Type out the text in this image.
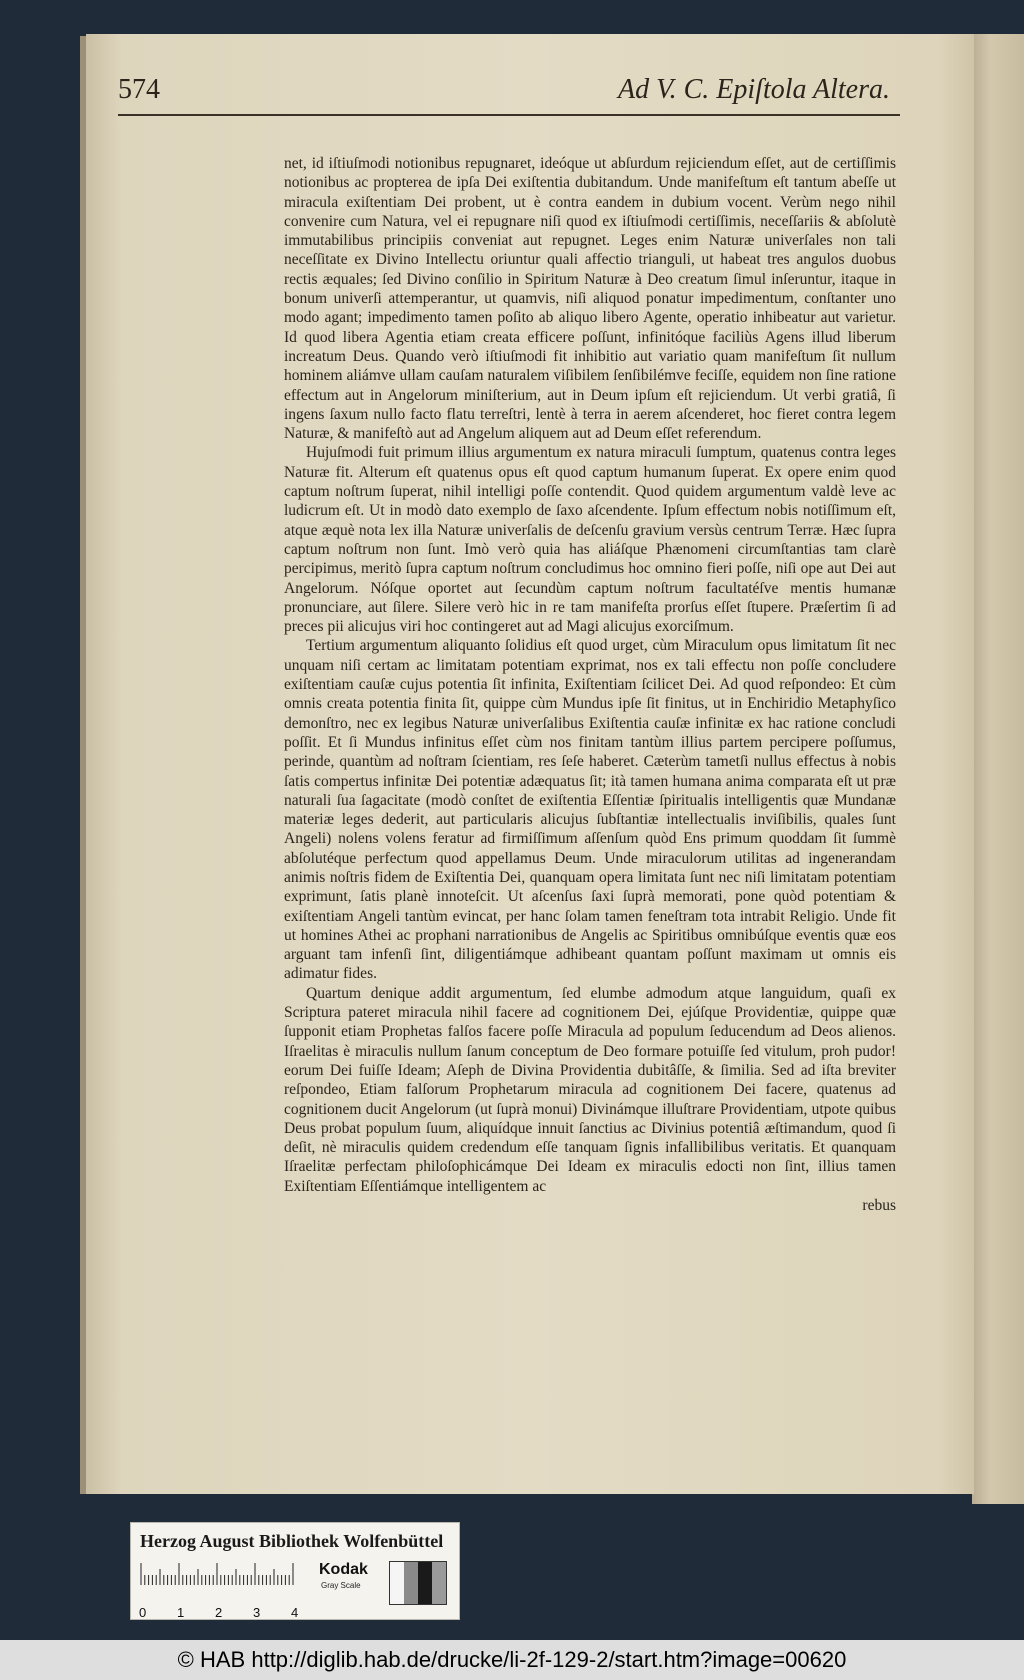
574	Ad V. C. Epiſtola Altera.

net, id iſtiuſmodi notionibus repugnaret, ideóque ut abſurdum rejiciendum eſſet, aut de certiſſimis notionibus ac propterea de ipſa Dei exiſtentia dubitandum. Unde manifeſtum eſt tantum abeſſe ut miracula exiſtentiam Dei probent, ut è contra eandem in dubium vocent. Verùm nego nihil convenire cum Natura, vel ei repugnare niſi quod ex iſtiuſmodi certiſſimis, neceſſariis & abſolutè immutabilibus principiis conveniat aut repugnet. Leges enim Naturæ univerſales non tali neceſſitate ex Divino Intellectu oriuntur quali affectio trianguli, ut habeat tres angulos duobus rectis æquales; ſed Divino conſilio in Spiritum Naturæ à Deo creatum ſimul inſeruntur, itaque in bonum univerſi attemperantur, ut quamvis, niſi aliquod ponatur impedimentum, conſtanter uno modo agant; impedimento tamen poſito ab aliquo libero Agente, operatio inhibeatur aut varietur. Id quod libera Agentia etiam creata efficere poſſunt, infinitóque faciliùs Agens illud liberum increatum Deus. Quando verò iſtiuſmodi fit inhibitio aut variatio quam manifeſtum ſit nullum hominem aliámve ullam cauſam naturalem viſibilem ſenſibilémve feciſſe, equidem non ſine ratione effectum aut in Angelorum miniſterium, aut in Deum ipſum eſt rejiciendum. Ut verbi gratiâ, ſi ingens ſaxum nullo facto flatu terreſtri, lentè à terra in aerem aſcenderet, hoc fieret contra legem Naturæ, & manifeſtò aut ad Angelum aliquem aut ad Deum eſſet referendum.

Hujuſmodi fuit primum illius argumentum ex natura miraculi ſumptum, quatenus contra leges Naturæ fit. Alterum eſt quatenus opus eſt quod captum humanum ſuperat. Ex opere enim quod captum noſtrum ſuperat, nihil intelligi poſſe contendit. Quod quidem argumentum valdè leve ac ludicrum eſt. Ut in modò dato exemplo de ſaxo aſcendente. Ipſum effectum nobis notiſſimum eſt, atque æquè nota lex illa Naturæ univerſalis de deſcenſu gravium versùs centrum Terræ. Hæc ſupra captum noſtrum non ſunt. Imò verò quia has aliáſque Phænomeni circumſtantias tam clarè percipimus, meritò ſupra captum noſtrum concludimus hoc omnino fieri poſſe, niſi ope aut Dei aut Angelorum. Nóſque oportet aut ſecundùm captum noſtrum facultatéſve mentis humanæ pronunciare, aut ſilere. Silere verò hic in re tam manifeſta prorſus eſſet ſtupere. Præſertim ſi ad preces pii alicujus viri hoc contingeret aut ad Magi alicujus exorciſmum.

Tertium argumentum aliquanto ſolidius eſt quod urget, cùm Miraculum opus limitatum ſit nec unquam niſi certam ac limitatam potentiam exprimat, nos ex tali effectu non poſſe concludere exiſtentiam cauſæ cujus potentia ſit infinita, Exiſtentiam ſcilicet Dei. Ad quod reſpondeo: Et cùm omnis creata potentia finita ſit, quippe cùm Mundus ipſe ſit finitus, ut in Enchiridio Metaphyſico demonſtro, nec ex legibus Naturæ univerſalibus Exiſtentia cauſæ infinitæ ex hac ratione concludi poſſit. Et ſi Mundus infinitus eſſet cùm nos finitam tantùm illius partem percipere poſſumus, perinde, quantùm ad noſtram ſcientiam, res ſeſe haberet. Cæterùm tametſi nullus effectus à nobis ſatis compertus infinitæ Dei potentiæ adæquatus ſit; ità tamen humana anima comparata eſt ut præ naturali ſua ſagacitate (modò conſtet de exiſtentia Eſſentiæ ſpiritualis intelligentis quæ Mundanæ materiæ leges dederit, aut particularis alicujus ſubſtantiæ intellectualis inviſibilis, quales ſunt Angeli) nolens volens feratur ad firmiſſimum aſſenſum quòd Ens primum quoddam ſit ſummè abſolutéque perfectum quod appellamus Deum. Unde miraculorum utilitas ad ingenerandam animis noſtris fidem de Exiſtentia Dei, quanquam opera limitata ſunt nec niſi limitatam potentiam exprimunt, ſatis planè innoteſcit. Ut aſcenſus ſaxi ſuprà memorati, pone quòd potentiam & exiſtentiam Angeli tantùm evincat, per hanc ſolam tamen feneſtram tota intrabit Religio. Unde fit ut homines Athei ac prophani narrationibus de Angelis ac Spiritibus omnibúſque eventis quæ eos arguant tam infenſi ſint, diligentiámque adhibeant quantam poſſunt maximam ut omnis eis adimatur fides.

Quartum denique addit argumentum, ſed elumbe admodum atque languidum, quaſi ex Scriptura pateret miracula nihil facere ad cognitionem Dei, ejúſque Providentiæ, quippe quæ ſupponit etiam Prophetas falſos facere poſſe Miracula ad populum ſeducendum ad Deos alienos. Iſraelitas è miraculis nullum ſanum conceptum de Deo formare potuiſſe ſed vitulum, proh pudor! eorum Dei fuiſſe Ideam; Aſeph de Divina Providentia dubitâſſe, & ſimilia. Sed ad iſta breviter reſpondeo, Etiam falſorum Prophetarum miracula ad cognitionem Dei facere, quatenus ad cognitionem ducit Angelorum (ut ſuprà monui) Divinámque illuſtrare Providentiam, utpote quibus Deus probat populum ſuum, aliquídque innuit ſanctius ac Divinius potentiâ æſtimandum, quod ſi deſit, nè miraculis quidem credendum eſſe tanquam ſignis infallibilibus veritatis. Et quanquam Iſraelitæ perfectam philoſophicámque Dei Ideam ex miraculis edocti non ſint, illius tamen Exiſtentiam Eſſentiámque intelligentem ac

rebus

Herzog August Bibliothek Wolfenbüttel
0 1 2 3 4
Kodak
Gray Scale
© HAB http://diglib.hab.de/drucke/li-2f-129-2/start.htm?image=00620
